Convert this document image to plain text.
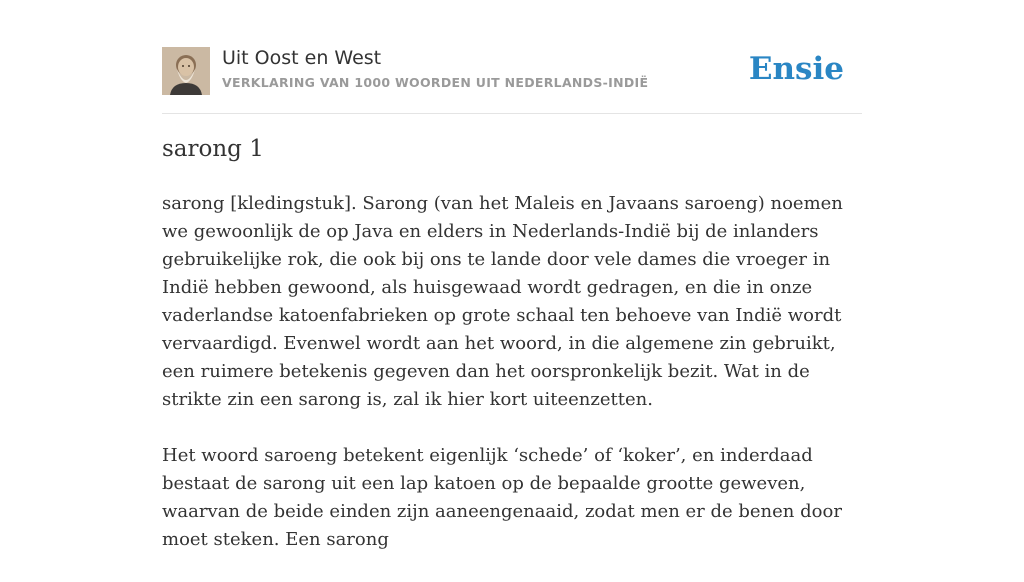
Uit Oost en West
VERKLARING VAN 1000 WOORDEN UIT NEDERLANDS-INDIË	Ensie
sarong 1

sarong [kledingstuk]. Sarong (van het Maleis en Javaans saroeng) noemen we gewoonlijk de op Java en elders in Nederlands-Indië bij de inlanders gebruikelijke rok, die ook bij ons te lande door vele dames die vroeger in Indië hebben gewoond, als huisgewaad wordt gedragen, en die in onze vaderlandse katoenfabrieken op grote schaal ten behoeve van Indië wordt vervaardigd. Evenwel wordt aan het woord, in die algemene zin gebruikt, een ruimere betekenis gegeven dan het oorspronkelijk bezit. Wat in de strikte zin een sarong is, zal ik hier kort uiteenzetten.

Het woord saroeng betekent eigenlijk ‘schede’ of ‘koker’, en inderdaad bestaat de sarong uit een lap katoen op de bepaalde grootte geweven, waarvan de beide einden zijn aaneengenaaid, zodat men er de benen door moet steken. Een sarong
